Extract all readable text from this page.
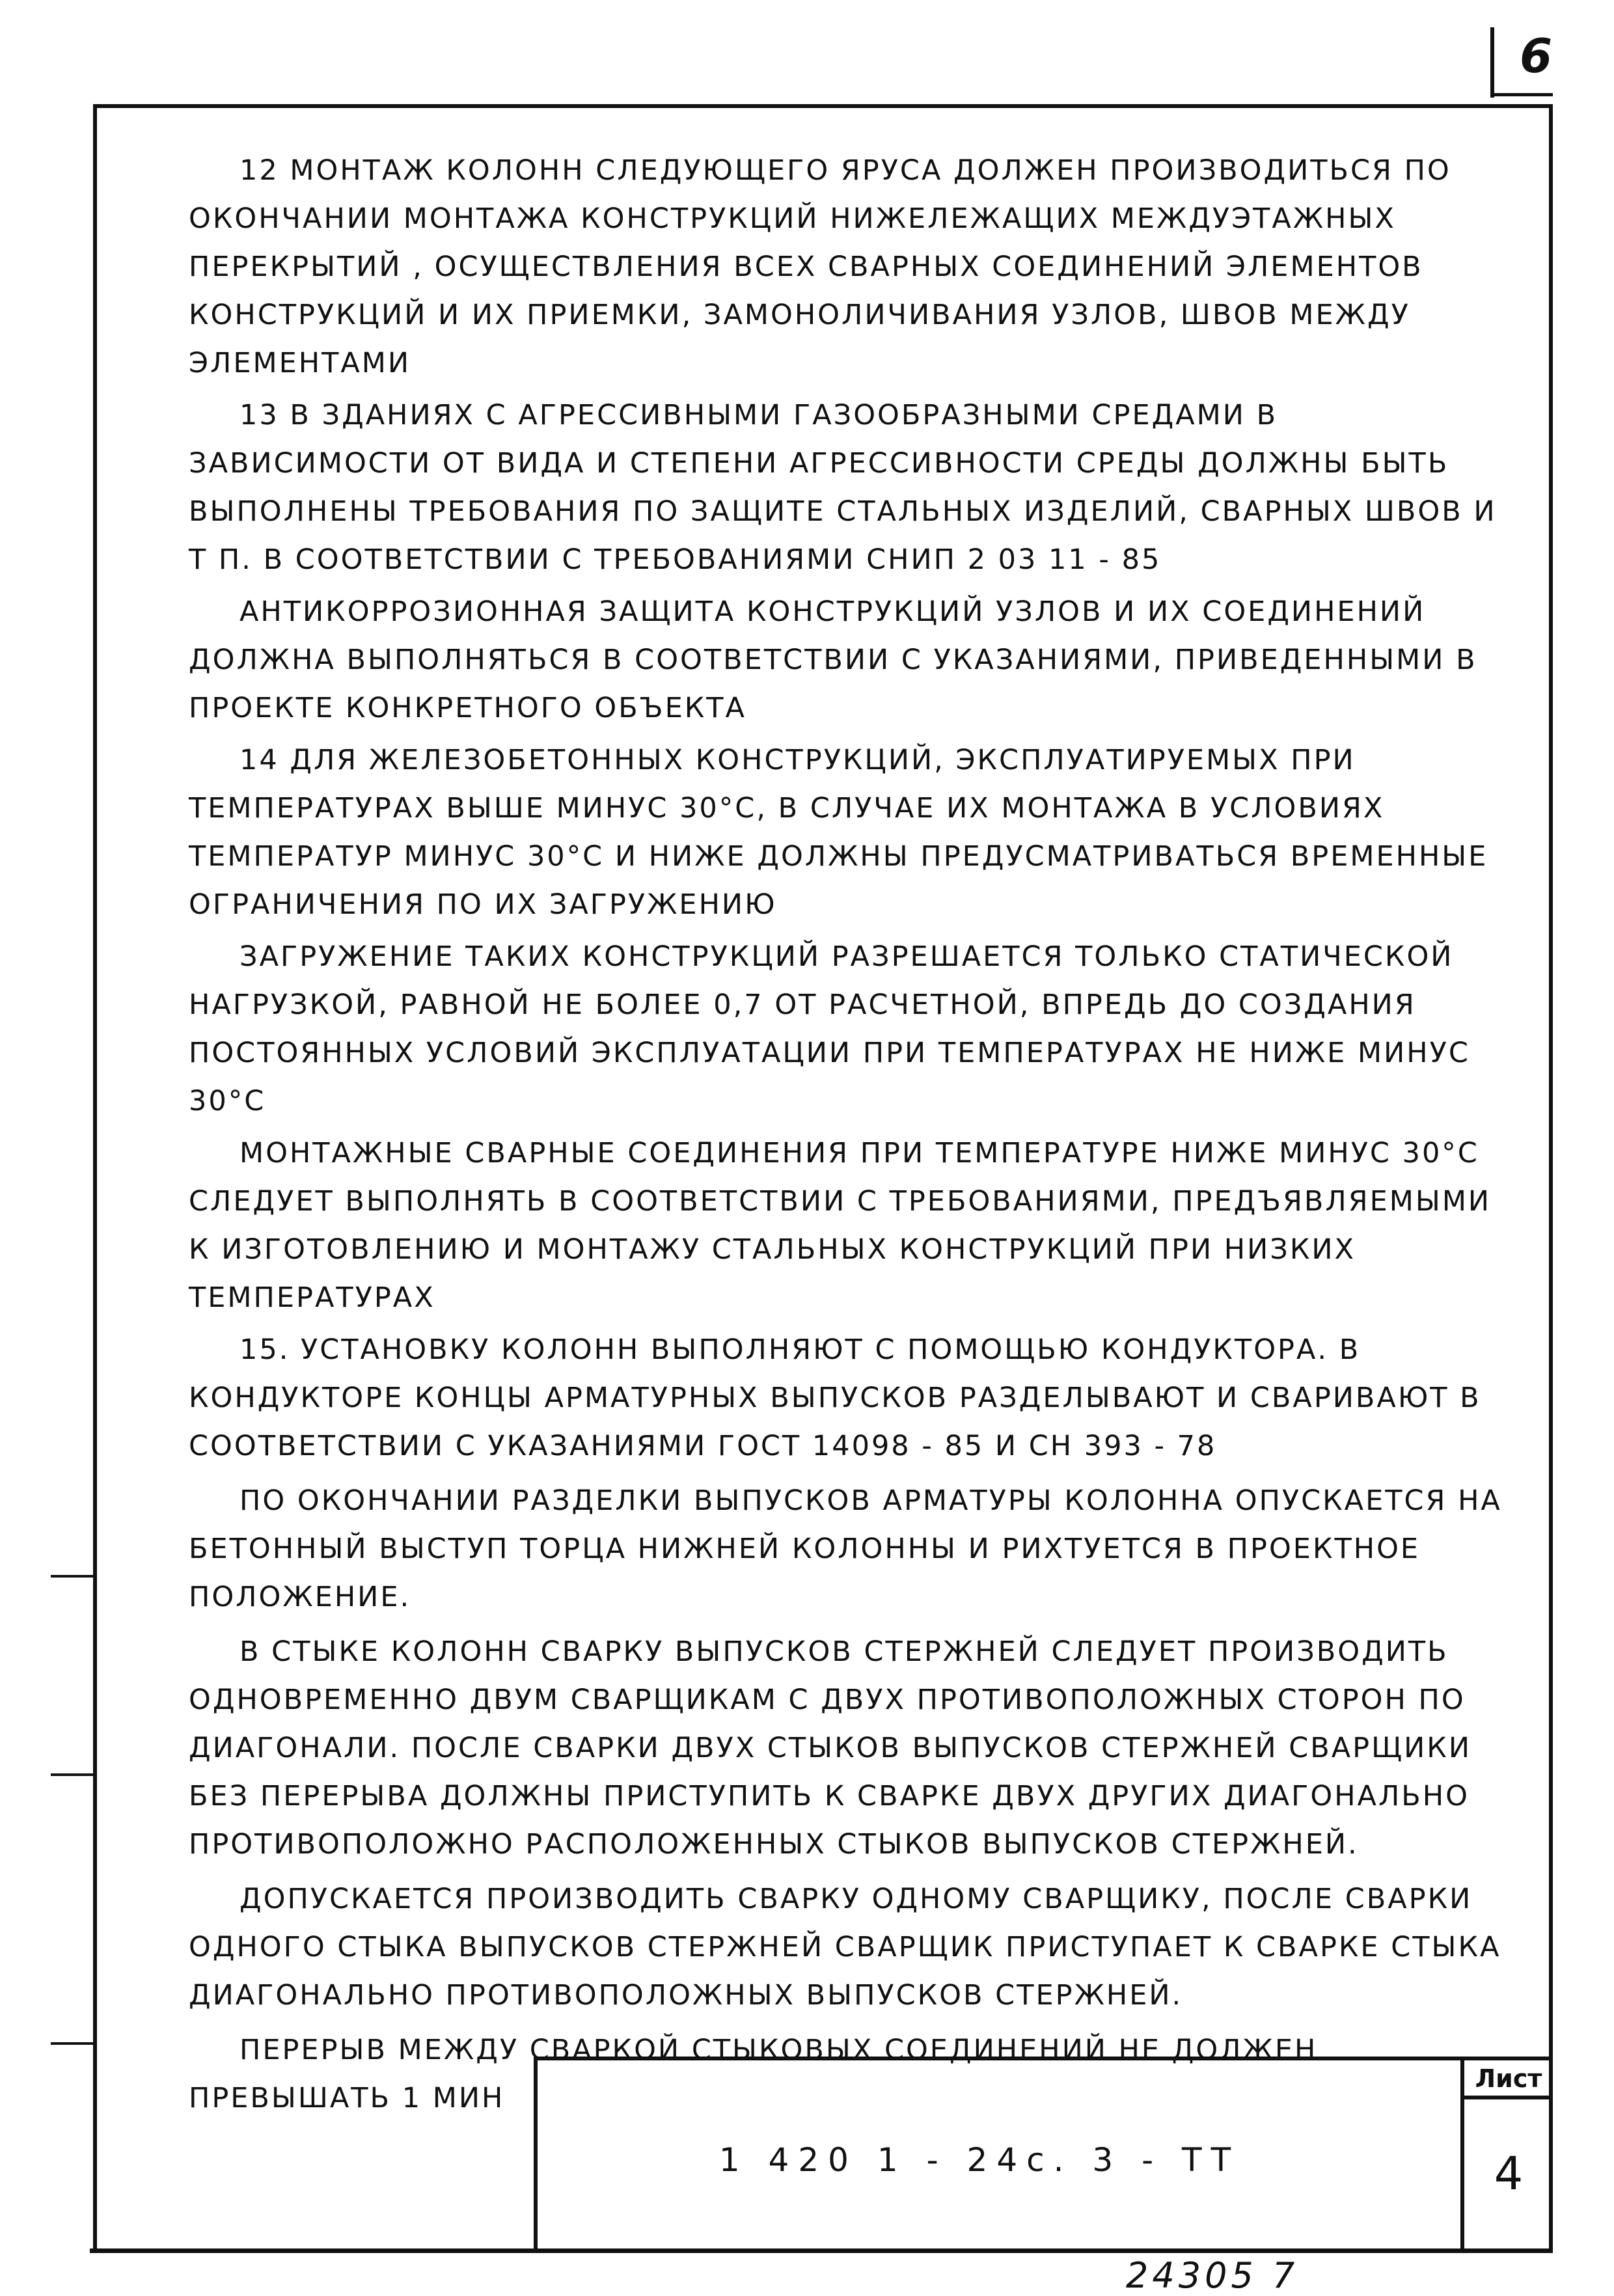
6

12 МОНТАЖ КОЛОНН СЛЕДУЮЩЕГО ЯРУСА ДОЛЖЕН ПРОИЗВОДИТЬСЯ ПО ОКОНЧАНИИ МОНТАЖА КОНСТРУКЦИЙ НИЖЕЛЕЖАЩИХ МЕЖДУЭТАЖНЫХ ПЕРЕКРЫТИЙ , ОСУЩЕСТВЛЕНИЯ ВСЕХ СВАРНЫХ СОЕДИНЕНИЙ ЭЛЕМЕНТОВ КОНСТРУКЦИЙ И ИХ ПРИЕМКИ, ЗАМОНОЛИЧИВАНИЯ УЗЛОВ, ШВОВ МЕЖДУ ЭЛЕМЕНТАМИ

13 В ЗДАНИЯХ С АГРЕССИВНЫМИ ГАЗООБРАЗНЫМИ СРЕДАМИ В ЗАВИСИМОСТИ ОТ ВИДА И СТЕПЕНИ АГРЕССИВНОСТИ СРЕДЫ ДОЛЖНЫ БЫТЬ ВЫПОЛНЕНЫ ТРЕБОВАНИЯ ПО ЗАЩИТЕ СТАЛЬНЫХ ИЗДЕЛИЙ, СВАРНЫХ ШВОВ И Т П. В СООТВЕТСТВИИ С ТРЕБОВАНИЯМИ СНИП 2 03 11 - 85

АНТИКОРРОЗИОННАЯ ЗАЩИТА КОНСТРУКЦИЙ УЗЛОВ И ИХ СОЕДИНЕНИЙ ДОЛЖНА ВЫПОЛНЯТЬСЯ В СООТВЕТСТВИИ С УКАЗАНИЯМИ, ПРИВЕДЕННЫМИ В ПРОЕКТЕ КОНКРЕТНОГО ОБЪЕКТА

14 ДЛЯ ЖЕЛЕЗОБЕТОННЫХ КОНСТРУКЦИЙ, ЭКСПЛУАТИРУЕМЫХ ПРИ ТЕМПЕРАТУРАХ ВЫШЕ МИНУС 30°С, В СЛУЧАЕ ИХ МОНТАЖА В УСЛОВИЯХ ТЕМПЕРАТУР МИНУС 30°С И НИЖЕ ДОЛЖНЫ ПРЕДУСМАТРИВАТЬСЯ ВРЕМЕННЫЕ ОГРАНИЧЕНИЯ ПО ИХ ЗАГРУЖЕНИЮ

ЗАГРУЖЕНИЕ ТАКИХ КОНСТРУКЦИЙ РАЗРЕШАЕТСЯ ТОЛЬКО СТАТИЧЕСКОЙ НАГРУЗКОЙ, РАВНОЙ НЕ БОЛЕЕ 0,7 ОТ РАСЧЕТНОЙ, ВПРЕДЬ ДО СОЗДАНИЯ ПОСТОЯННЫХ УСЛОВИЙ ЭКСПЛУАТАЦИИ ПРИ ТЕМПЕРАТУРАХ НЕ НИЖЕ МИНУС 30°С

МОНТАЖНЫЕ СВАРНЫЕ СОЕДИНЕНИЯ ПРИ ТЕМПЕРАТУРЕ НИЖЕ МИНУС 30°С СЛЕДУЕТ ВЫПОЛНЯТЬ В СООТВЕТСТВИИ С ТРЕБОВАНИЯМИ, ПРЕДЪЯВЛЯЕМЫМИ К ИЗГОТОВЛЕНИЮ И МОНТАЖУ СТАЛЬНЫХ КОНСТРУКЦИЙ ПРИ НИЗКИХ ТЕМПЕРАТУРАХ

15. УСТАНОВКУ КОЛОНН ВЫПОЛНЯЮТ С ПОМОЩЬЮ КОНДУКТОРА. В КОНДУКТОРЕ КОНЦЫ АРМАТУРНЫХ ВЫПУСКОВ РАЗДЕЛЫВАЮТ И СВАРИВАЮТ В СООТВЕТСТВИИ С УКАЗАНИЯМИ ГОСТ 14098 - 85 И СН 393 - 78

ПО ОКОНЧАНИИ РАЗДЕЛКИ ВЫПУСКОВ АРМАТУРЫ КОЛОННА ОПУСКАЕТСЯ НА БЕТОННЫЙ ВЫСТУП ТОРЦА НИЖНЕЙ КОЛОННЫ И РИХТУЕТСЯ В ПРОЕКТНОЕ ПОЛОЖЕНИЕ.

В СТЫКЕ КОЛОНН СВАРКУ ВЫПУСКОВ СТЕРЖНЕЙ СЛЕДУЕТ ПРОИЗВОДИТЬ ОДНОВРЕМЕННО ДВУМ СВАРЩИКАМ С ДВУХ ПРОТИВОПОЛОЖНЫХ СТОРОН ПО ДИАГОНАЛИ. ПОСЛЕ СВАРКИ ДВУХ СТЫКОВ ВЫПУСКОВ СТЕРЖНЕЙ СВАРЩИКИ БЕЗ ПЕРЕРЫВА ДОЛЖНЫ ПРИСТУПИТЬ К СВАРКЕ ДВУХ ДРУГИХ ДИАГОНАЛЬНО ПРОТИВОПОЛОЖНО РАСПОЛОЖЕННЫХ СТЫКОВ ВЫПУСКОВ СТЕРЖНЕЙ.

ДОПУСКАЕТСЯ ПРОИЗВОДИТЬ СВАРКУ ОДНОМУ СВАРЩИКУ, ПОСЛЕ СВАРКИ ОДНОГО СТЫКА ВЫПУСКОВ СТЕРЖНЕЙ СВАРЩИК ПРИСТУПАЕТ К СВАРКЕ СТЫКА ДИАГОНАЛЬНО ПРОТИВОПОЛОЖНЫХ ВЫПУСКОВ СТЕРЖНЕЙ.

ПЕРЕРЫВ МЕЖДУ СВАРКОЙ СТЫКОВЫХ СОЕДИНЕНИЙ НЕ ДОЛЖЕН ПРЕВЫШАТЬ 1 МИН

1 420 1 - 24с. 3 - ТТ
Лист
4
24305 7
